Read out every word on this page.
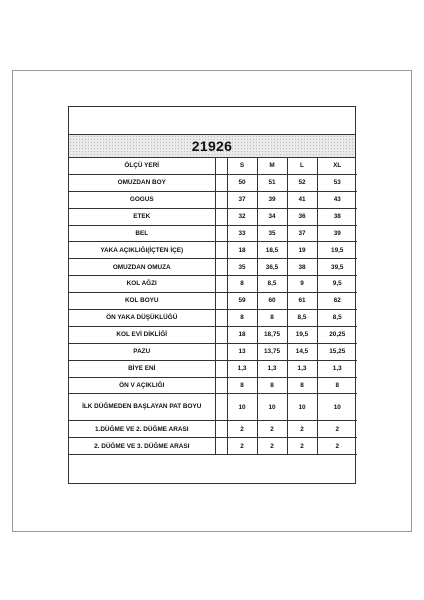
21926
ÖLÇÜ YERİ		S	M	L	XL
OMUZDAN BOY		50	51	52	53
GOGUS		37	39	41	43
ETEK		32	34	36	38
BEL		33	35	37	39
YAKA AÇIKLIĞI(İÇTEN İÇE)		18	18,5	19	19,5
OMUZDAN OMUZA		35	36,5	38	39,5
KOL AĞZI		8	8,5	9	9,5
KOL BOYU		59	60	61	62
ÖN YAKA DÜŞÜKLÜĞÜ		8	8	8,5	8,5
KOL EVİ DİKLİĞİ		18	18,75	19,5	20,25
PAZU		13	13,75	14,5	15,25
BİYE ENİ		1,3	1,3	1,3	1,3
ÖN V AÇIKLIĞI		8	8	8	8
İLK DÜĞMEDEN BAŞLAYAN PAT BOYU		10	10	10	10
1.DÜĞME VE 2. DÜĞME ARASI		2	2	2	2
2. DÜĞME VE 3. DÜĞME ARASI		2	2	2	2
